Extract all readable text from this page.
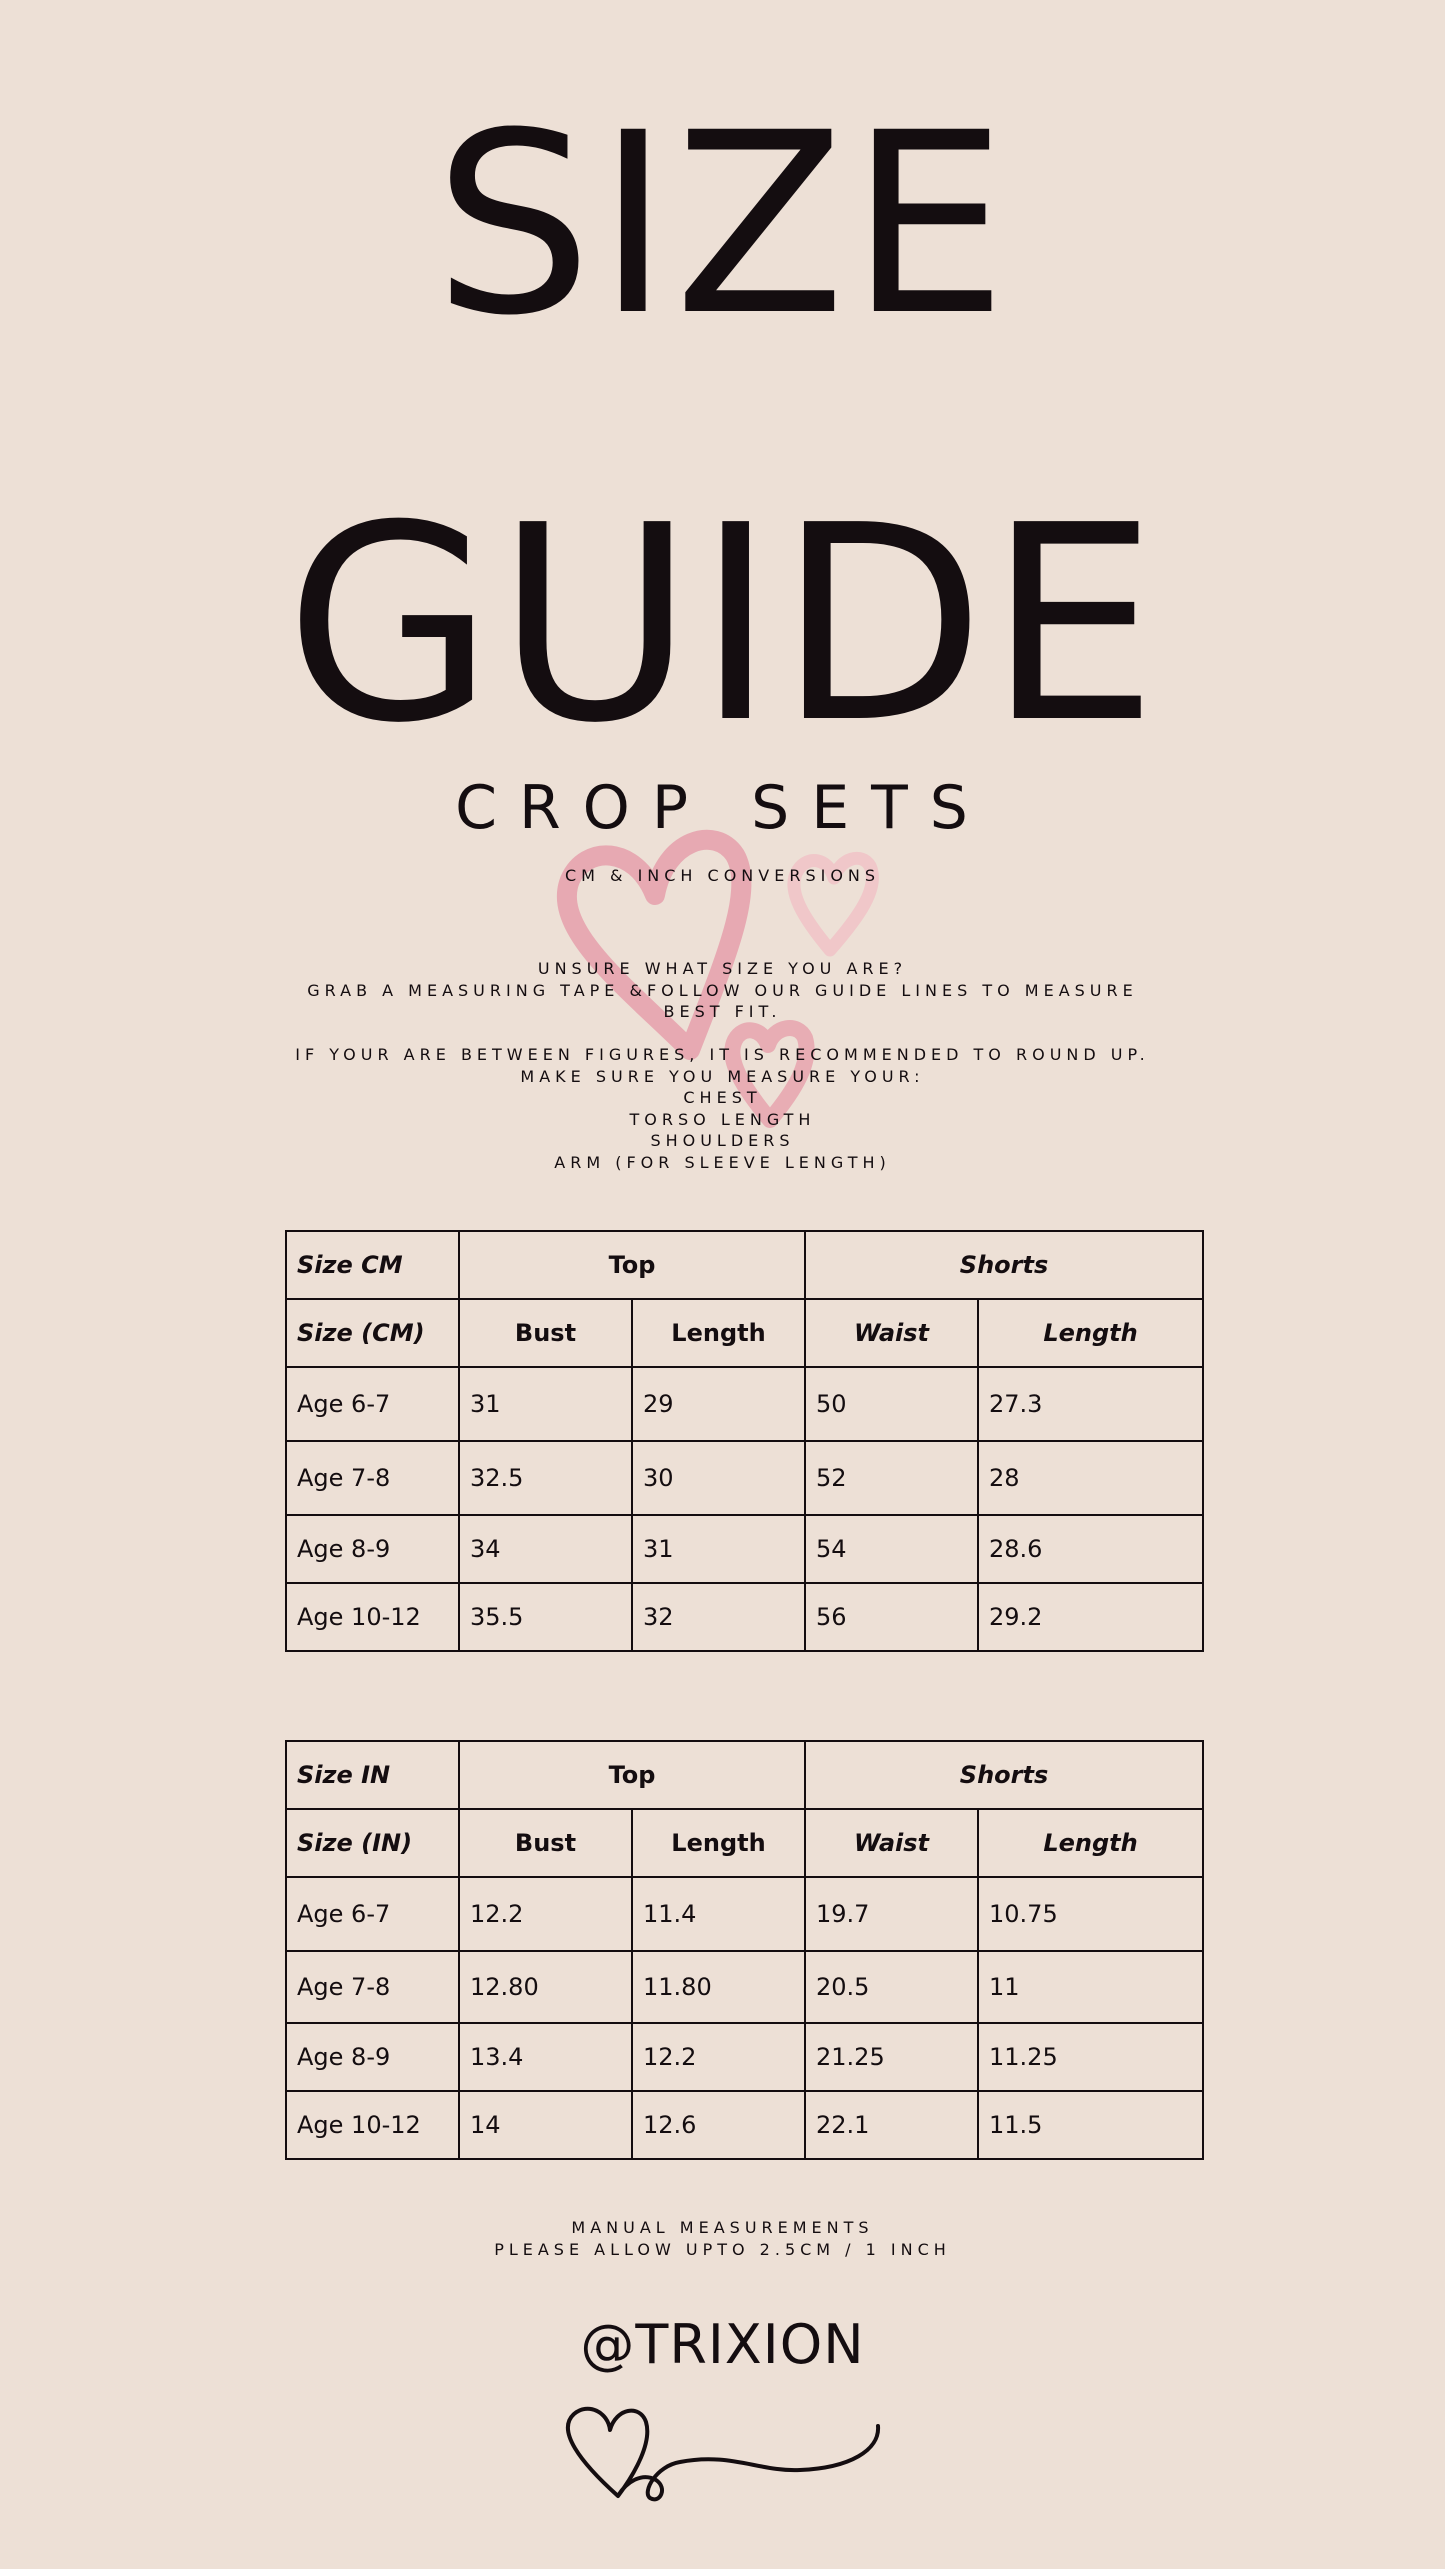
SIZE
GUIDE
CROP SETS
CM & INCH CONVERSIONS
UNSURE WHAT SIZE YOU ARE?
GRAB A MEASURING TAPE &FOLLOW OUR GUIDE LINES TO MEASURE
BEST FIT.
IF YOUR ARE BETWEEN FIGURES, IT IS RECOMMENDED TO ROUND UP.
MAKE SURE YOU MEASURE YOUR:
CHEST
TORSO LENGTH
SHOULDERS
ARM (FOR SLEEVE LENGTH)
Size CM	Top		Shorts	
Size (CM)	Bust	Length	Waist	Length
Age 6-7	31	29	50	27.3
Age 7-8	32.5	30	52	28
Age 8-9	34	31	54	28.6
Age 10-12	35.5	32	56	29.2
Size IN	Top		Shorts	
Size (IN)	Bust	Length	Waist	Length
Age 6-7	12.2	11.4	19.7	10.75
Age 7-8	12.80	11.80	20.5	11
Age 8-9	13.4	12.2	21.25	11.25
Age 10-12	14	12.6	22.1	11.5
MANUAL MEASUREMENTS
PLEASE ALLOW UPTO 2.5CM / 1 INCH
@TRIXION
